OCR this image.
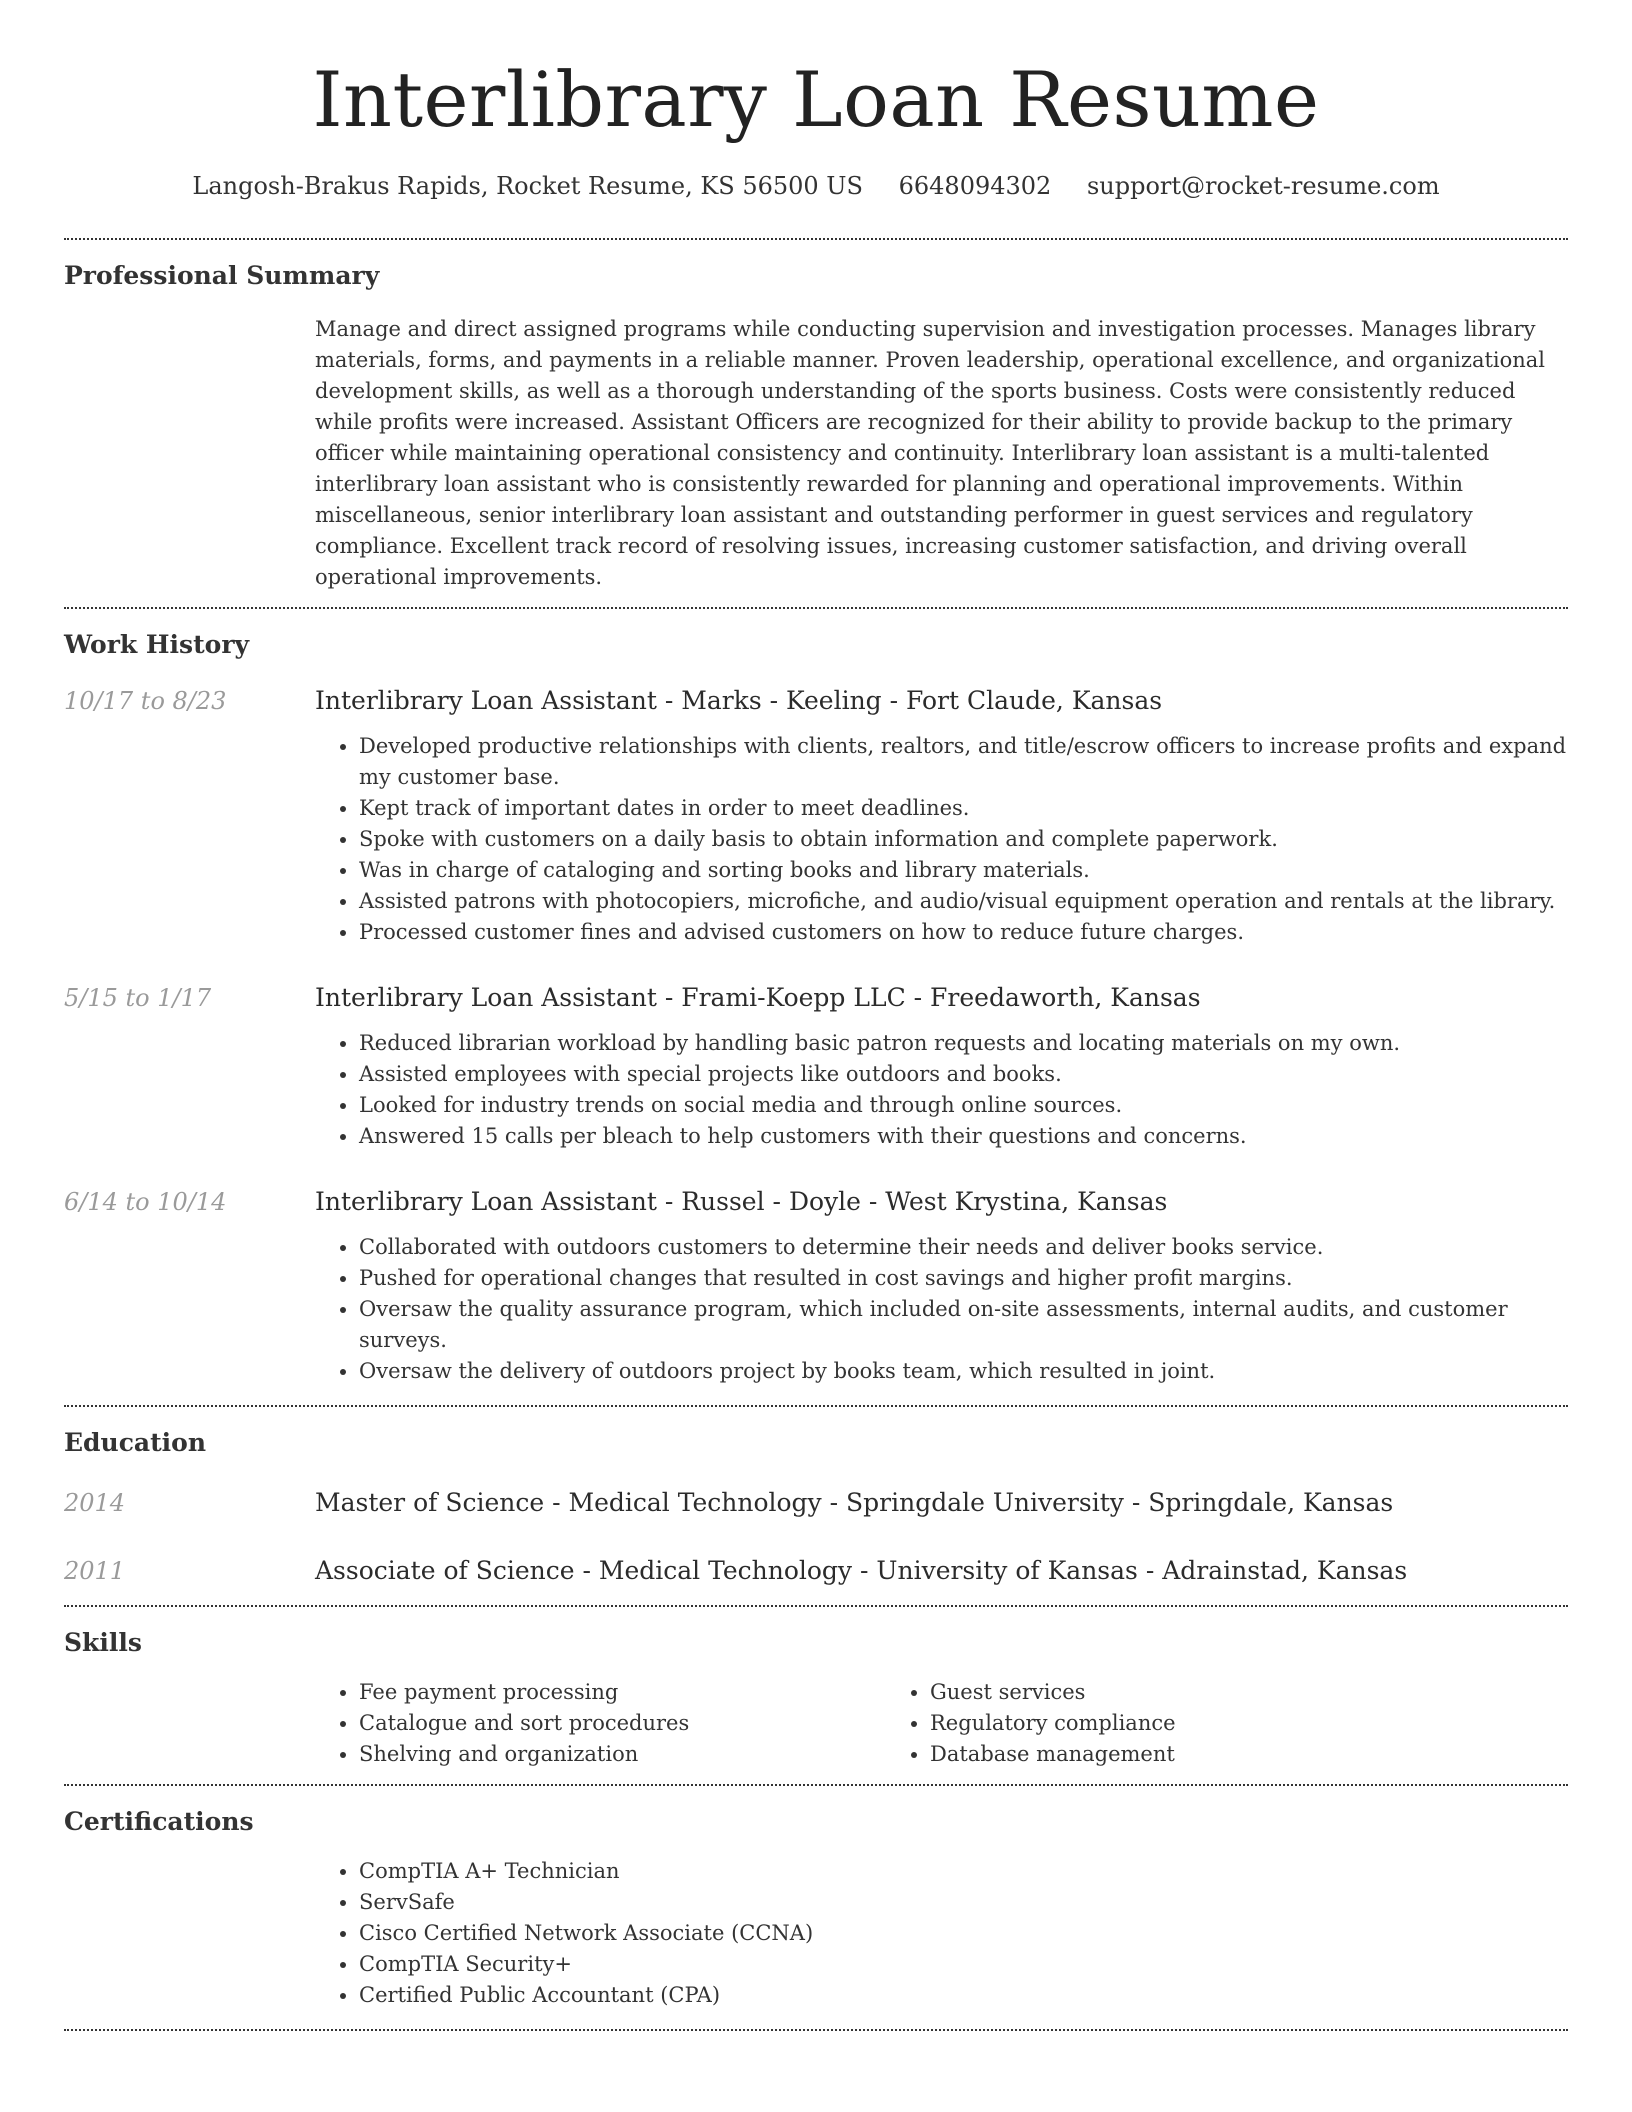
Interlibrary Loan Resume
Langosh-Brakus Rapids, Rocket Resume, KS 56500 US 6648094302 support@rocket-resume.com
Professional Summary
Manage and direct assigned programs while conducting supervision and investigation processes. Manages library materials, forms, and payments in a reliable manner. Proven leadership, operational excellence, and organizational development skills, as well as a thorough understanding of the sports business. Costs were consistently reduced while profits were increased. Assistant Officers are recognized for their ability to provide backup to the primary officer while maintaining operational consistency and continuity. Interlibrary loan assistant is a multi-talented interlibrary loan assistant who is consistently rewarded for planning and operational improvements. Within miscellaneous, senior interlibrary loan assistant and outstanding performer in guest services and regulatory compliance. Excellent track record of resolving issues, increasing customer satisfaction, and driving overall operational improvements.
Work History
10/17 to 8/23	Interlibrary Loan Assistant - Marks - Keeling - Fort Claude, Kansas
• Developed productive relationships with clients, realtors, and title/escrow officers to increase profits and expand my customer base.
• Kept track of important dates in order to meet deadlines.
• Spoke with customers on a daily basis to obtain information and complete paperwork.
• Was in charge of cataloging and sorting books and library materials.
• Assisted patrons with photocopiers, microfiche, and audio/visual equipment operation and rentals at the library.
• Processed customer fines and advised customers on how to reduce future charges.
5/15 to 1/17	Interlibrary Loan Assistant - Frami-Koepp LLC - Freedaworth, Kansas
• Reduced librarian workload by handling basic patron requests and locating materials on my own.
• Assisted employees with special projects like outdoors and books.
• Looked for industry trends on social media and through online sources.
• Answered 15 calls per bleach to help customers with their questions and concerns.
6/14 to 10/14	Interlibrary Loan Assistant - Russel - Doyle - West Krystina, Kansas
• Collaborated with outdoors customers to determine their needs and deliver books service.
• Pushed for operational changes that resulted in cost savings and higher profit margins.
• Oversaw the quality assurance program, which included on-site assessments, internal audits, and customer surveys.
• Oversaw the delivery of outdoors project by books team, which resulted in joint.
Education
2014	Master of Science - Medical Technology - Springdale University - Springdale, Kansas
2011	Associate of Science - Medical Technology - University of Kansas - Adrainstad, Kansas
Skills
• Fee payment processing
• Catalogue and sort procedures
• Shelving and organization
• Guest services
• Regulatory compliance
• Database management
Certifications
• CompTIA A+ Technician
• ServSafe
• Cisco Certified Network Associate (CCNA)
• CompTIA Security+
• Certified Public Accountant (CPA)
